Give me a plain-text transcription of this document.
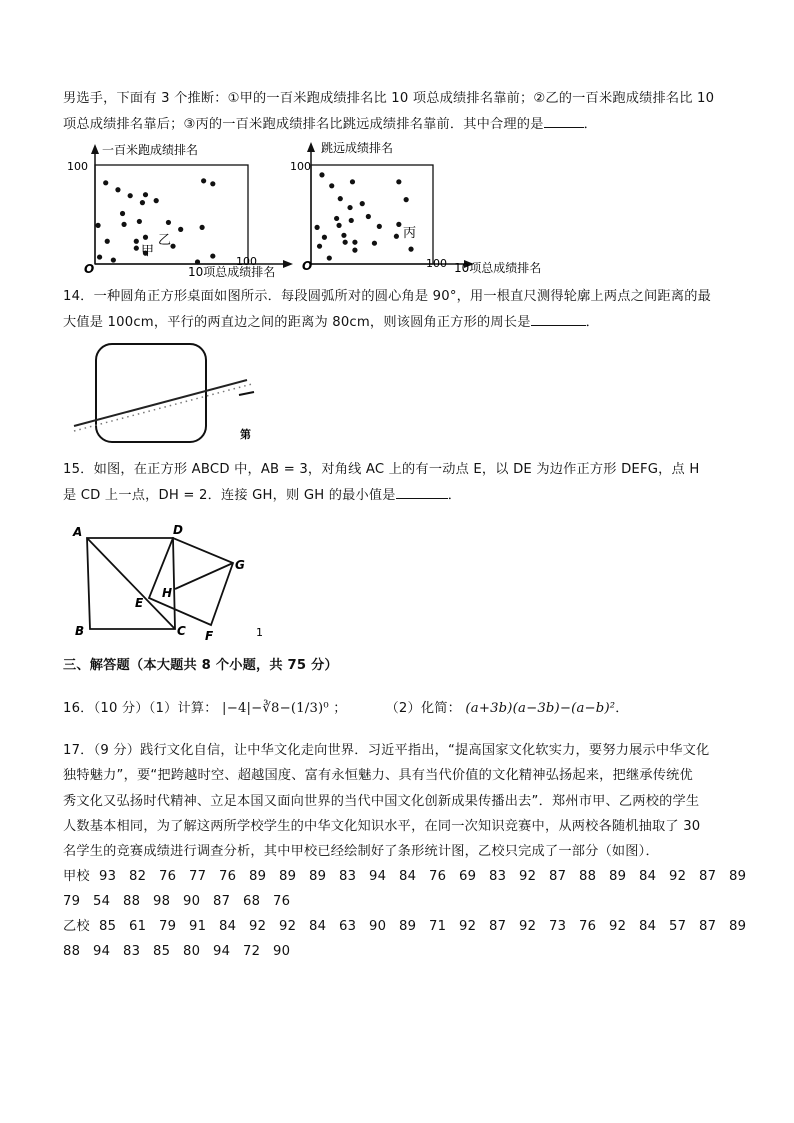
男选手，下面有 3 个推断：①甲的一百米跑成绩排名比 10 项总成绩排名靠前；②乙的一百米跑成绩排名比 10
项总成绩排名靠后；③丙的一百米跑成绩排名比跳远成绩排名靠前．其中合理的是	．
一百米跑成绩排名
100
O
100
10项总成绩排名
乙
甲
跳远成绩排名
100
O	100 10项总成绩排名
丙
14．一种圆角正方形桌面如图所示．每段圆弧所对的圆心角是 90°，用一根直尺测得轮廓上两点之间距离的最
大值是 100cm，平行的两直边之间的距离为 80cm，则该圆角正方形的周长是	．
第
15．如图，在正方形 ABCD 中，AB = 3，对角线 AC 上的有一动点 E，以 DE 为边作正方形 DEFG，点 H
是 CD 上一点，DH = 2．连接 GH，则 GH 的最小值是	．
A	D
G
H
E
B	C F	1
三、解答题（本大题共 8 个小题，共 75 分）
16．（10 分）（1）计算： |−4|−∛8−(1/3)⁰ ；	（2）化简： (a+3b)(a−3b)−(a−b)²．
17．（9 分）践行文化自信，让中华文化走向世界．习近平指出，“提高国家文化软实力，要努力展示中华文化
独特魅力”，要“把跨越时空、超越国度、富有永恒魅力、具有当代价值的文化精神弘扬起来，把继承传统优
秀文化又弘扬时代精神、立足本国又面向世界的当代中国文化创新成果传播出去”．郑州市甲、乙两校的学生
人数基本相同，为了解这两所学校学生的中华文化知识水平，在同一次知识竞赛中，从两校各随机抽取了 30
名学生的竞赛成绩进行调查分析，其中甲校已经绘制好了条形统计图，乙校只完成了一部分（如图）．
甲校 93 82 76 77 76 89 89 89 83 94 84 76 69 83 92 87 88 89 84 92 87 89
79 54 88 98 90 87 68 76
乙校 85 61 79 91 84 92 92 84 63 90 89 71 92 87 92 73 76 92 84 57 87 89
88 94 83 85 80 94 72 90
